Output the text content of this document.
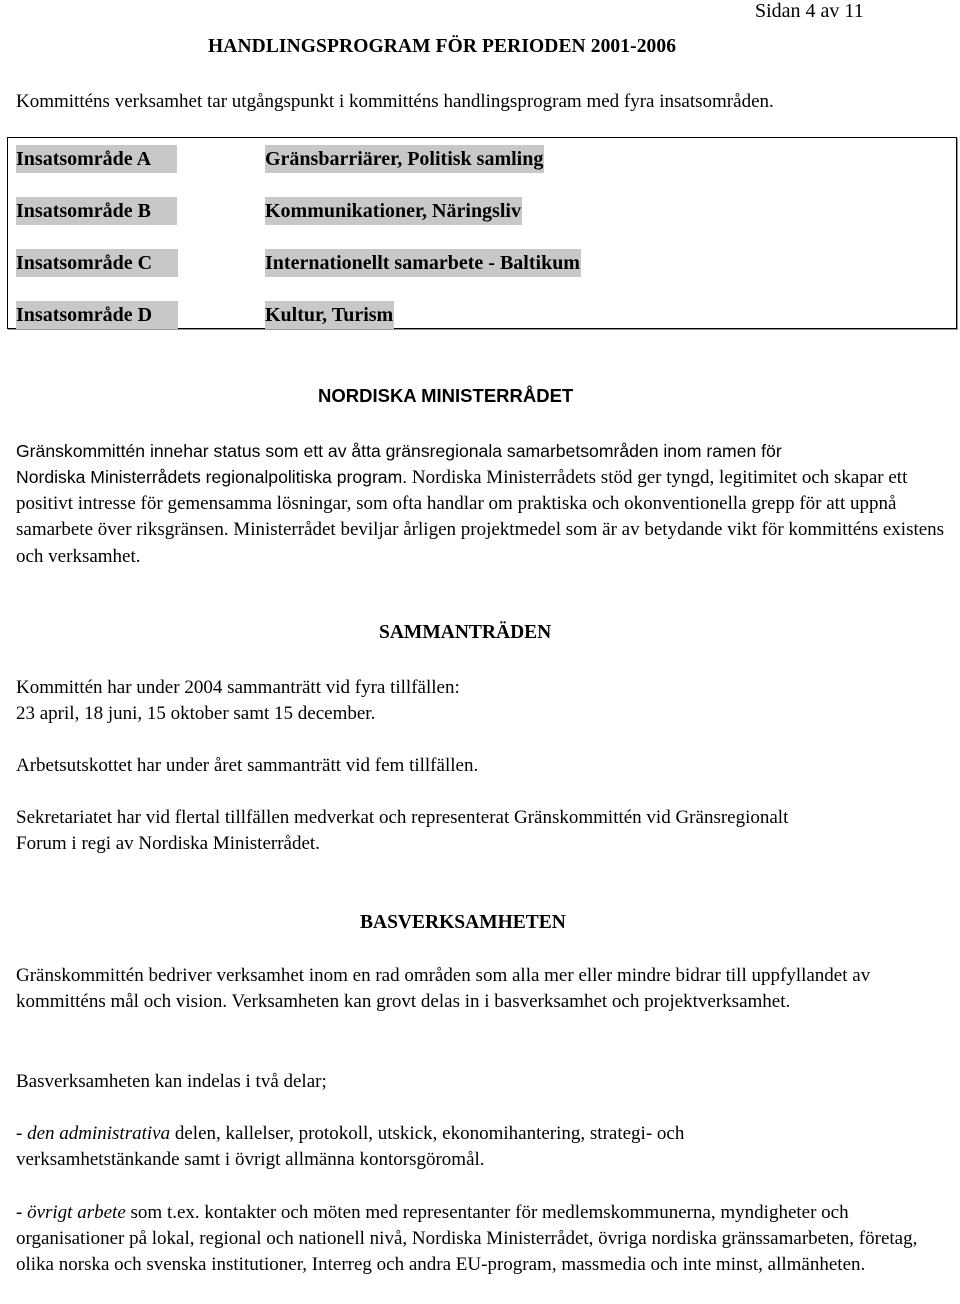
Sidan 4 av 11
HANDLINGSPROGRAM FÖR PERIODEN 2001-2006
Kommitténs verksamhet tar utgångspunkt i kommitténs handlingsprogram med fyra insatsområden.
Insatsområde A	Gränsbarriärer, Politisk samling
Insatsområde B	Kommunikationer, Näringsliv
Insatsområde C	Internationellt samarbete - Baltikum
Insatsområde D	Kultur, Turism
NORDISKA MINISTERRÅDET
Gränskommittén innehar status som ett av åtta gränsregionala samarbetsområden inom ramen för
Nordiska Ministerrådets regionalpolitiska program. Nordiska Ministerrådets stöd ger tyngd, legitimitet och skapar ett positivt intresse för gemensamma lösningar, som ofta handlar om praktiska och okonventionella grepp för att uppnå samarbete över riksgränsen. Ministerrådet beviljar årligen projektmedel som är av betydande vikt för kommitténs existens och verksamhet.
SAMMANTRÄDEN
Kommittén har under 2004 sammanträtt vid fyra tillfällen:
23 april, 18 juni, 15 oktober samt 15 december.
Arbetsutskottet har under året sammanträtt vid fem tillfällen.
Sekretariatet har vid flertal tillfällen medverkat och representerat Gränskommittén vid Gränsregionalt Forum i regi av Nordiska Ministerrådet.
BASVERKSAMHETEN
Gränskommittén bedriver verksamhet inom en rad områden som alla mer eller mindre bidrar till uppfyllandet av kommitténs mål och vision. Verksamheten kan grovt delas in i basverksamhet och projektverksamhet.
Basverksamheten kan indelas i två delar;
- den administrativa delen, kallelser, protokoll, utskick, ekonomihantering, strategi- och verksamhetstänkande samt i övrigt allmänna kontorsgöromål.
- övrigt arbete som t.ex. kontakter och möten med representanter för medlemskommunerna, myndigheter och organisationer på lokal, regional och nationell nivå, Nordiska Ministerrådet, övriga nordiska gränssamarbeten, företag, olika norska och svenska institutioner, Interreg och andra EU-program, massmedia och inte minst, allmänheten.
